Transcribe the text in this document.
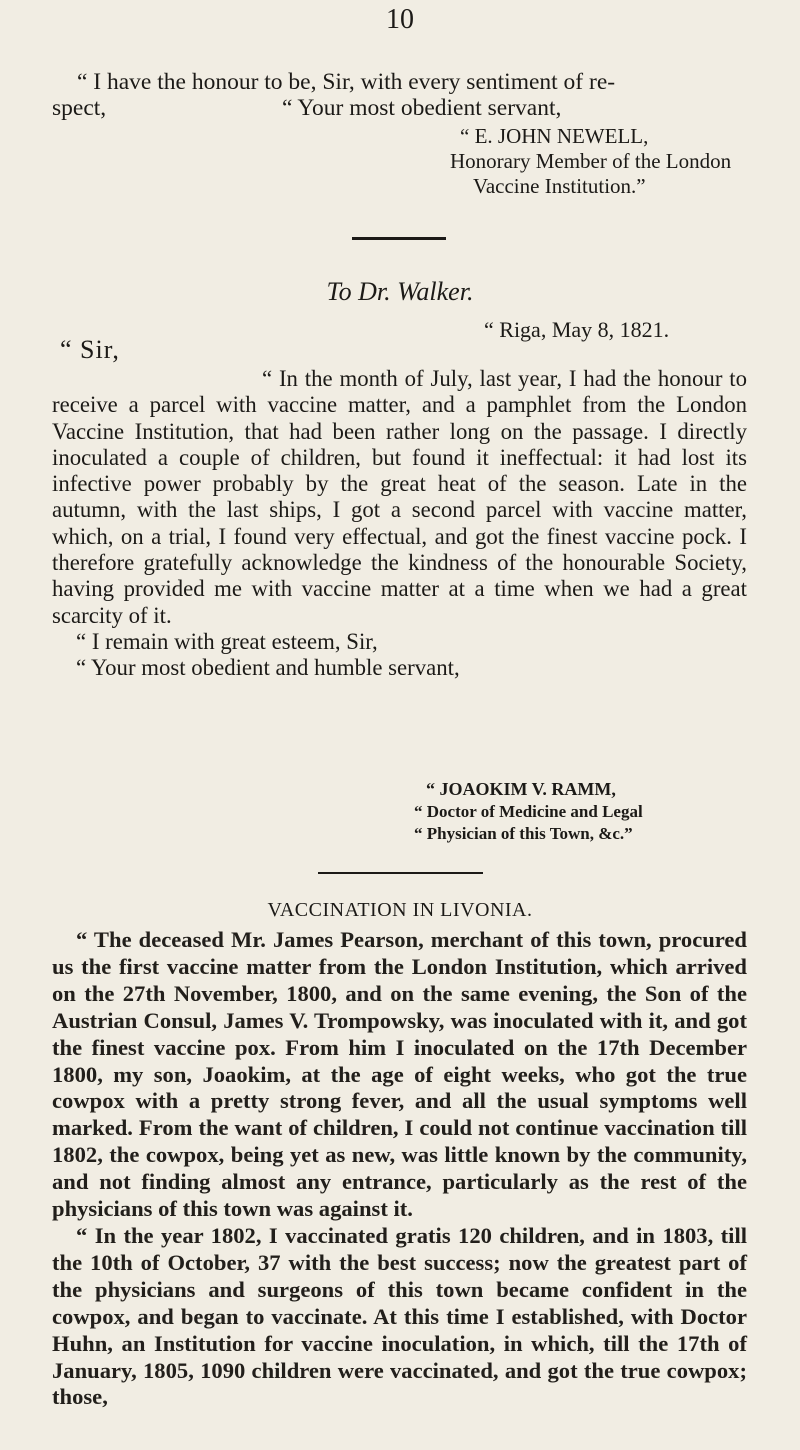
10
“ I have the honour to be, Sir, with every sentiment of re-
spect,	“ Your most obedient servant,
“ E. JOHN NEWELL,
Honorary Member of the London
Vaccine Institution.”
To Dr. Walker.
“ Riga, May 8, 1821.
“ Sir,

“ In the month of July, last year, I had the honour to receive a parcel with vaccine matter, and a pamphlet from the London Vaccine Institution, that had been rather long on the passage. I directly inoculated a couple of children, but found it ineffectual: it had lost its infective power probably by the great heat of the season. Late in the autumn, with the last ships, I got a second parcel with vaccine matter, which, on a trial, I found very effectual, and got the finest vaccine pock. I therefore gratefully acknowledge the kindness of the honourable Society, having provided me with vaccine matter at a time when we had a great scarcity of it.

“ I remain with great esteem, Sir,

“ Your most obedient and humble servant,

“ JOAOKIM V. RAMM,
“ Doctor of Medicine and Legal
“ Physician of this Town, &c.”
VACCINATION IN LIVONIA.

“ The deceased Mr. James Pearson, merchant of this town, procured us the first vaccine matter from the London Institution, which arrived on the 27th November, 1800, and on the same evening, the Son of the Austrian Consul, James V. Trompowsky, was inoculated with it, and got the finest vaccine pox. From him I inoculated on the 17th December 1800, my son, Joaokim, at the age of eight weeks, who got the true cowpox with a pretty strong fever, and all the usual symptoms well marked. From the want of children, I could not continue vaccination till 1802, the cowpox, being yet as new, was little known by the community, and not finding almost any entrance, particularly as the rest of the physicians of this town was against it.

“ In the year 1802, I vaccinated gratis 120 children, and in 1803, till the 10th of October, 37 with the best success; now the greatest part of the physicians and surgeons of this town became confident in the cowpox, and began to vaccinate. At this time I established, with Doctor Huhn, an Institution for vaccine inoculation, in which, till the 17th of January, 1805, 1090 children were vaccinated, and got the true cowpox; those,
